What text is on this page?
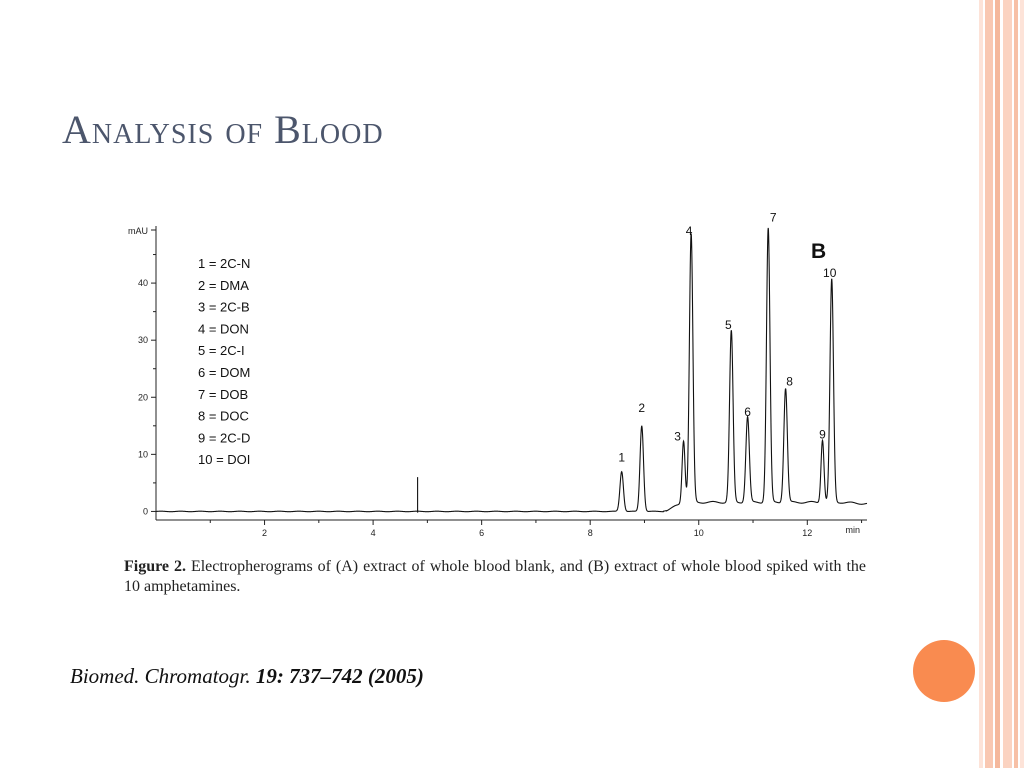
Analysis of Blood
mAU
min
2	4	6	8	10	12
0
10
20
30
40
1 = 2C-N
2 = DMA
3 = 2C-B
4 = DON
5 = 2C-I
6 = DOM
7 = DOB
8 = DOC
9 = 2C-D
10 = DOI	1
2
3
4
5
6
7
8
9
10
B
Figure 2. Electropherograms of (A) extract of whole blood blank, and (B) extract of whole blood spiked with the 10 amphetamines.
Biomed. Chromatogr. 19: 737–742 (2005)
